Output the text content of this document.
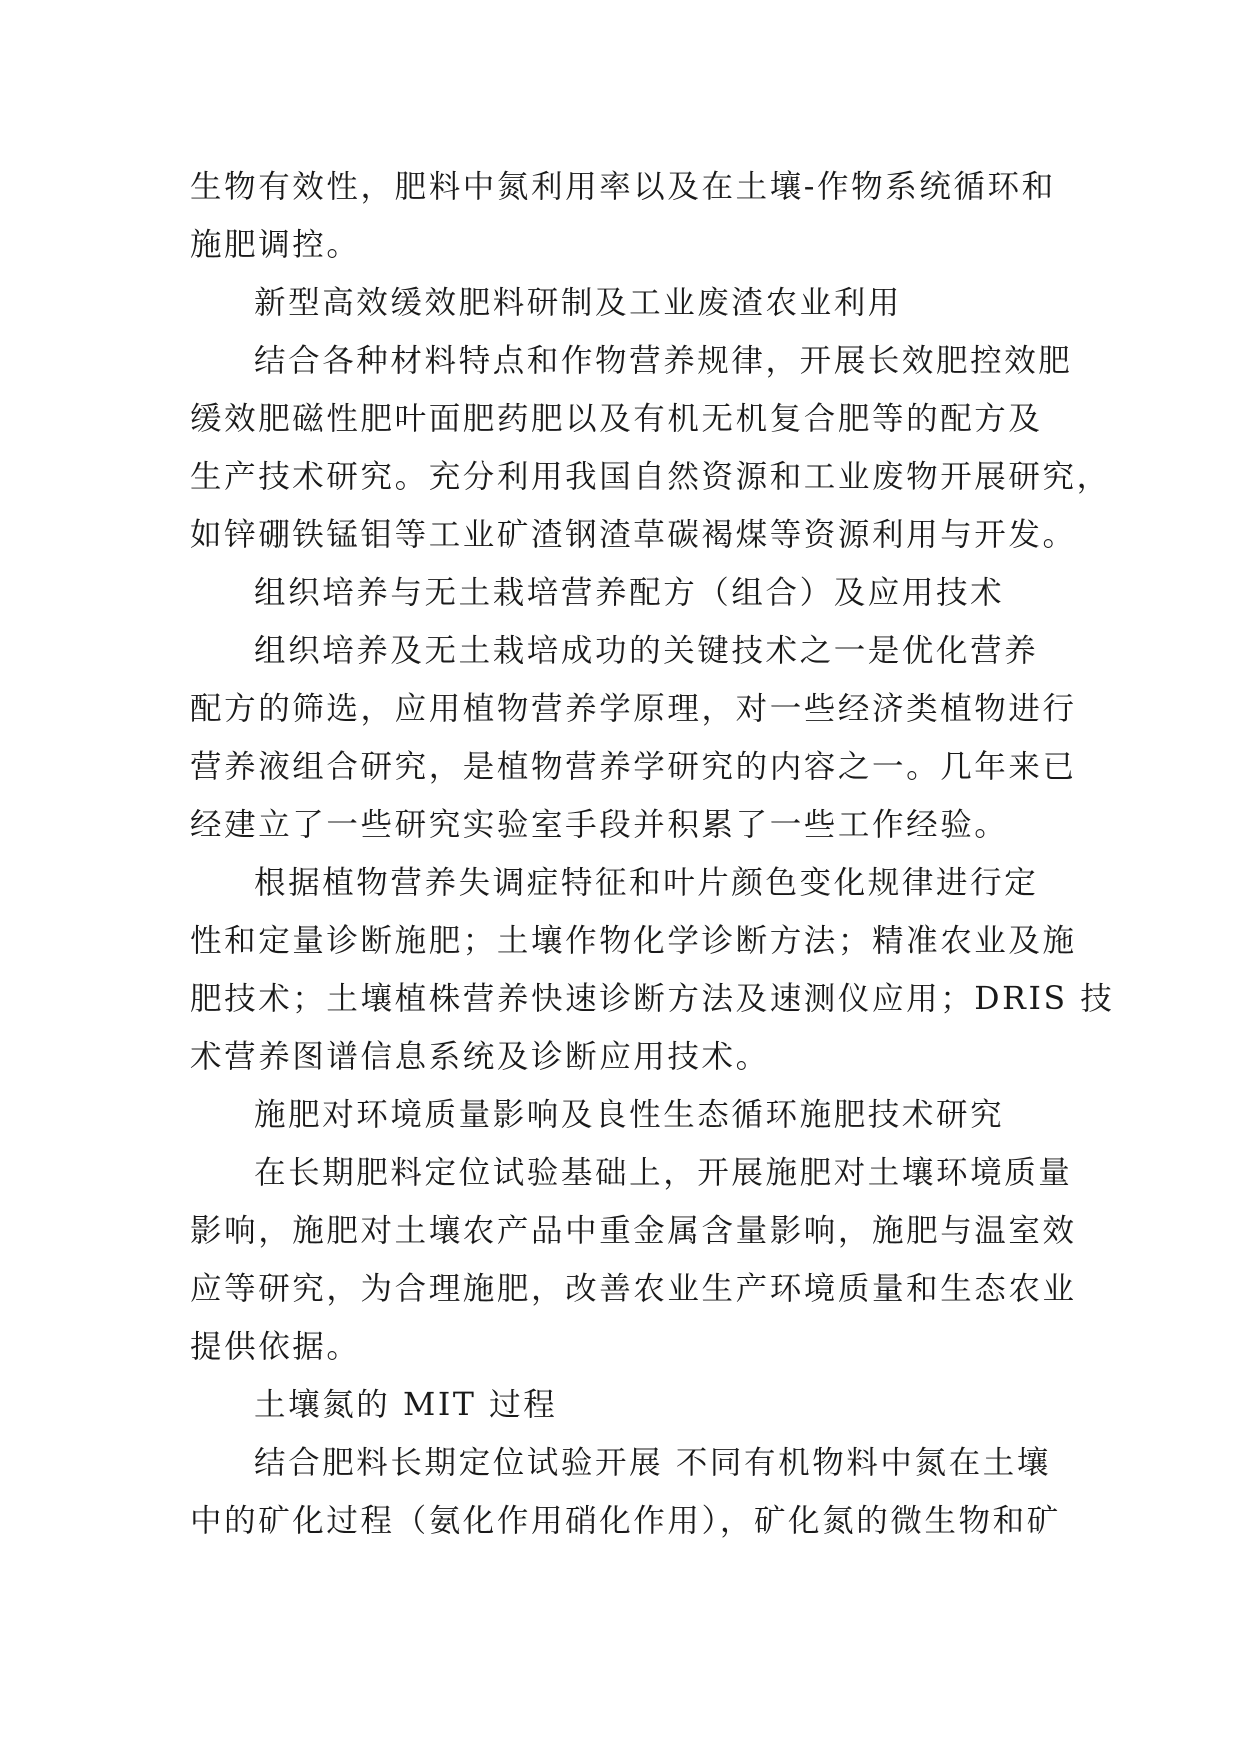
生物有效性，肥料中氮利用率以及在土壤-作物系统循环和
施肥调控。

新型高效缓效肥料研制及工业废渣农业利用

结合各种材料特点和作物营养规律，开展长效肥控效肥
缓效肥磁性肥叶面肥药肥以及有机无机复合肥等的配方及
生产技术研究。充分利用我国自然资源和工业废物开展研究，
如锌硼铁锰钼等工业矿渣钢渣草碳褐煤等资源利用与开发。

组织培养与无土栽培营养配方（组合）及应用技术

组织培养及无土栽培成功的关键技术之一是优化营养
配方的筛选，应用植物营养学原理，对一些经济类植物进行
营养液组合研究，是植物营养学研究的内容之一。几年来已
经建立了一些研究实验室手段并积累了一些工作经验。

根据植物营养失调症特征和叶片颜色变化规律进行定
性和定量诊断施肥；土壤作物化学诊断方法；精准农业及施
肥技术；土壤植株营养快速诊断方法及速测仪应用；DRIS 技
术营养图谱信息系统及诊断应用技术。

施肥对环境质量影响及良性生态循环施肥技术研究

在长期肥料定位试验基础上，开展施肥对土壤环境质量
影响，施肥对土壤农产品中重金属含量影响，施肥与温室效
应等研究，为合理施肥，改善农业生产环境质量和生态农业
提供依据。

土壤氮的 MIT 过程

结合肥料长期定位试验开展 不同有机物料中氮在土壤
中的矿化过程（氨化作用硝化作用），矿化氮的微生物和矿
